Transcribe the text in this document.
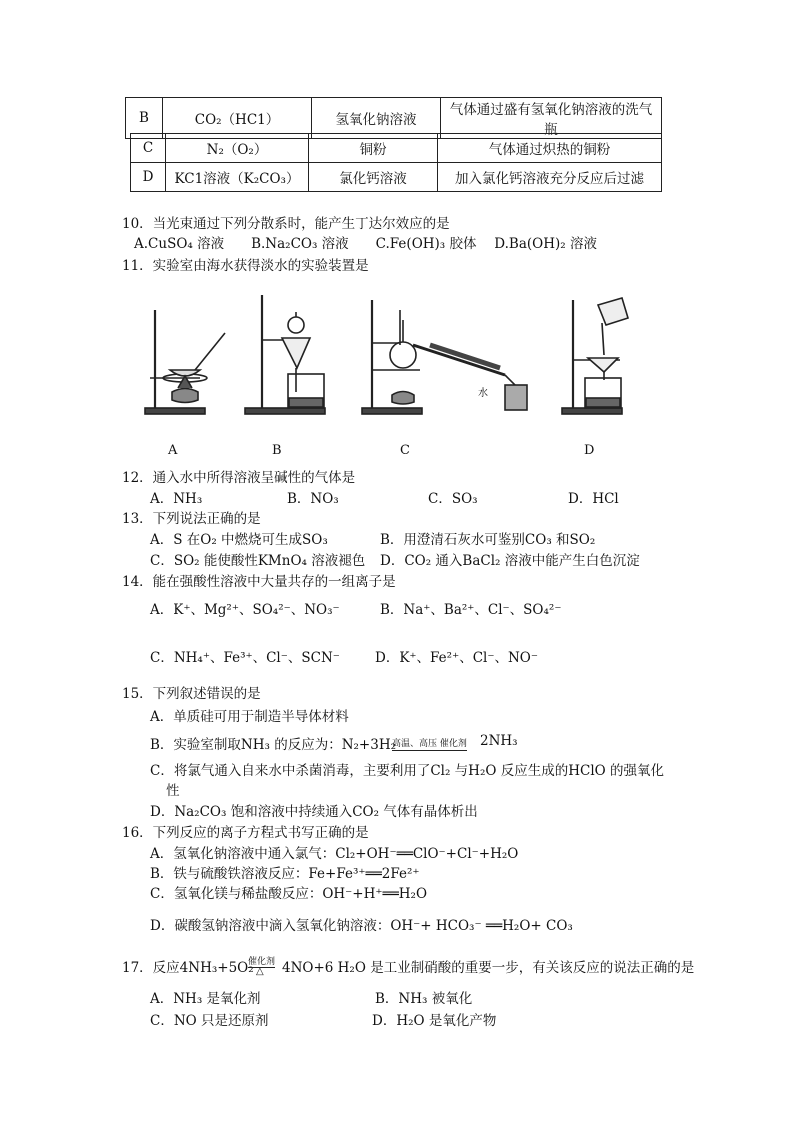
B	CO₂（HC1）	氢氧化钠溶液	气体通过盛有氢氧化钠溶液的洗气瓶
C	N₂（O₂）	铜粉	气体通过炽热的铜粉
D	KC1溶液（K₂CO₃）	氯化钙溶液	加入氯化钙溶液充分反应后过滤
10．当光束通过下列分散系时，能产生丁达尔效应的是
A.CuSO₄ 溶液　　B.Na₂CO₃ 溶液　　C.Fe(OH)₃ 胶体　 D.Ba(OH)₂ 溶液
11．实验室由海水获得淡水的实验装置是
水
A	B	C	D
12．通入水中所得溶液呈碱性的气体是
A．NH₃	B．NO₃	C．SO₃	D．HCl
13．下列说法正确的是
A．S 在O₂ 中燃烧可生成SO₃	B．用澄清石灰水可鉴别CO₃ 和SO₂
C．SO₂ 能使酸性KMnO₄ 溶液褪色 D．CO₂ 通入BaCl₂ 溶液中能产生白色沉淀
14．能在强酸性溶液中大量共存的一组离子是
A．K⁺、Mg²⁺、SO₄²⁻、NO₃⁻	B．Na⁺、Ba²⁺、Cl⁻、SO₄²⁻
C．NH₄⁺、Fe³⁺、Cl⁻、SCN⁻	D．K⁺、Fe²⁺、Cl⁻、NO⁻
15．下列叙述错误的是
A．单质硅可用于制造半导体材料
B．实验室制取NH₃ 的反应为：N₂+3H₂
高温、高压 催化剂 2NH₃
C．将氯气通入自来水中杀菌消毒，主要利用了Cl₂ 与H₂O 反应生成的HClO 的强氧化
性
D．Na₂CO₃ 饱和溶液中持续通入CO₂ 气体有晶体析出
16．下列反应的离子方程式书写正确的是
A．氢氧化钠溶液中通入氯气：Cl₂+OH⁻══ClO⁻+Cl⁻+H₂O
B．铁与硫酸铁溶液反应：Fe+Fe³⁺══2Fe²⁺
C．氢氧化镁与稀盐酸反应：OH⁻+H⁺══H₂O
D．碳酸氢钠溶液中滴入氢氧化钠溶液：OH⁻+ HCO₃⁻ ══H₂O+ CO₃
17．反应4NH₃+5O₂
催化剂
△ 4NO+6 H₂O 是工业制硝酸的重要一步，有关该反应的说法正确的是
A．NH₃ 是氧化剂	B．NH₃ 被氧化
C．NO 只是还原剂	D．H₂O 是氧化产物
